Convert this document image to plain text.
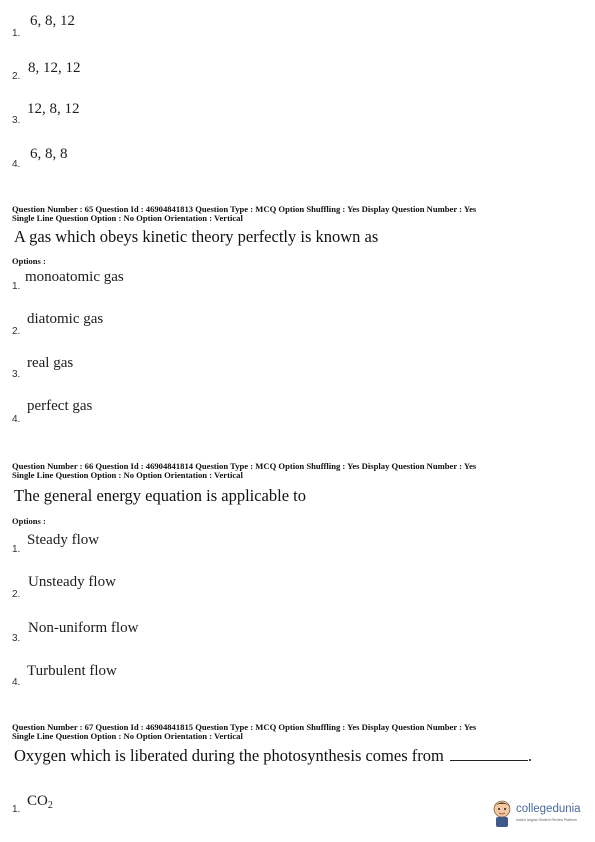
1.
6, 8, 12
2.
8, 12, 12
3.
12, 8, 12
4.
6, 8, 8
Question Number : 65 Question Id : 46904841813 Question Type : MCQ Option Shuffling : Yes Display Question Number : Yes
Single Line Question Option : No Option Orientation : Vertical
A gas which obeys kinetic theory perfectly is known as
Options :
1.
monoatomic gas
2.
diatomic gas
3.
real gas
4.
perfect gas
Question Number : 66 Question Id : 46904841814 Question Type : MCQ Option Shuffling : Yes Display Question Number : Yes
Single Line Question Option : No Option Orientation : Vertical
The general energy equation is applicable to
Options :
1.
Steady flow
2.
Unsteady flow
3.
Non-uniform flow
4.
Turbulent flow
Question Number : 67 Question Id : 46904841815 Question Type : MCQ Option Shuffling : Yes Display Question Number : Yes
Single Line Question Option : No Option Orientation : Vertical
Oxygen which is liberated during the photosynthesis comes from	.
1.
$CO_2$	collegedunia
India's largest Student Review Platform
